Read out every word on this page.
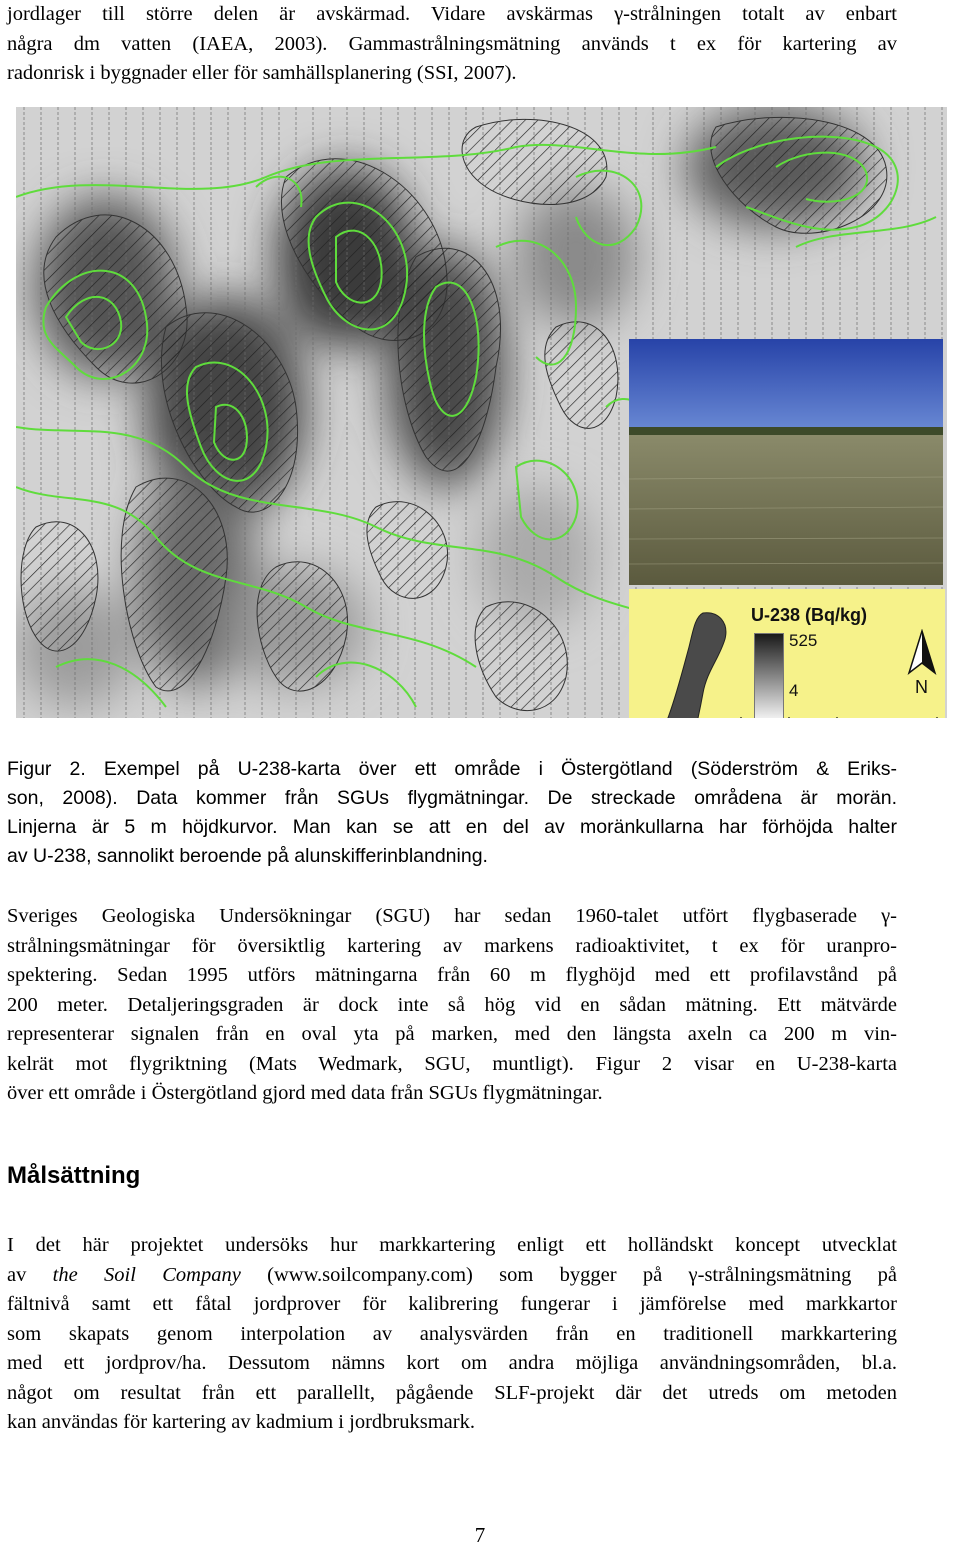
jordlager till större delen är avskärmad. Vidare avskärmas γ-strålningen totalt av enbart
några dm vatten (IAEA, 2003). Gammastrålningsmätning används t ex för kartering av
radonrisk i byggnader eller för samhällsplanering (SSI, 2007).
U-238 (Bq/kg)
525
4	N
Figur 2. Exempel på U-238-karta över ett område i Östergötland (Söderström & Eriks-
son, 2008). Data kommer från SGUs flygmätningar. De streckade områdena är morän.
Linjerna är 5 m höjdkurvor. Man kan se att en del av moränkullarna har förhöjda halter
av U-238, sannolikt beroende på alunskifferinblandning.
Sveriges Geologiska Undersökningar (SGU) har sedan 1960-talet utfört flygbaserade γ-
strålningsmätningar för översiktlig kartering av markens radioaktivitet, t ex för uranpro-
spektering. Sedan 1995 utförs mätningarna från 60 m flyghöjd med ett profilavstånd på
200 meter. Detaljeringsgraden är dock inte så hög vid en sådan mätning. Ett mätvärde
representerar signalen från en oval yta på marken, med den längsta axeln ca 200 m vin-
kelrät mot flygriktning (Mats Wedmark, SGU, muntligt). Figur 2 visar en U-238-karta
över ett område i Östergötland gjord med data från SGUs flygmätningar.
Målsättning
I det här projektet undersöks hur markkartering enligt ett holländskt koncept utvecklat
av the Soil Company (www.soilcompany.com) som bygger på γ-strålningsmätning på
fältnivå samt ett fåtal jordprover för kalibrering fungerar i jämförelse med markkartor
som skapats genom interpolation av analysvärden från en traditionell markkartering
med ett jordprov/ha. Dessutom nämns kort om andra möjliga användningsområden, bl.a.
något om resultat från ett parallellt, pågående SLF-projekt där det utreds om metoden
kan användas för kartering av kadmium i jordbruksmark.
7
